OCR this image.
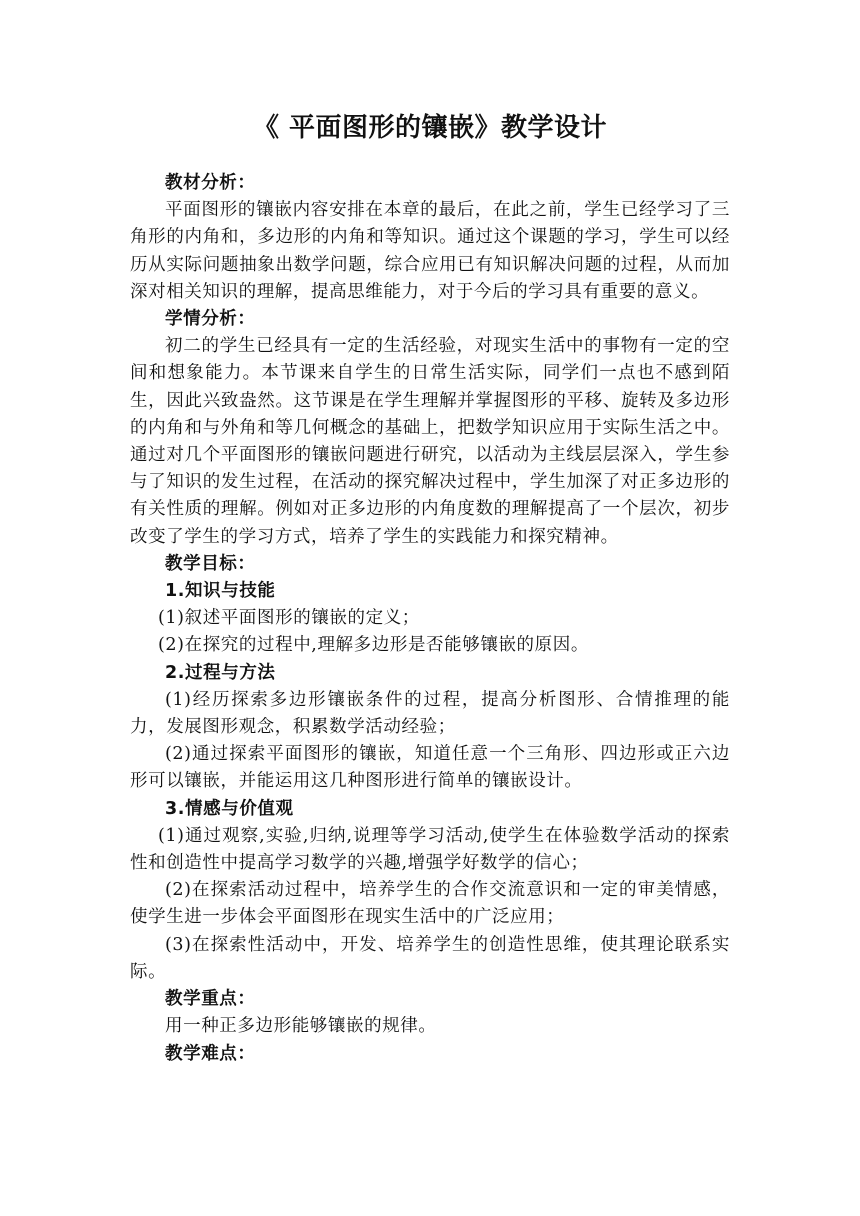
《 平面图形的镶嵌》教学设计

教材分析：

平面图形的镶嵌内容安排在本章的最后，在此之前，学生已经学习了三角形的内角和，多边形的内角和等知识。通过这个课题的学习，学生可以经历从实际问题抽象出数学问题，综合应用已有知识解决问题的过程，从而加深对相关知识的理解，提高思维能力，对于今后的学习具有重要的意义。

学情分析：

初二的学生已经具有一定的生活经验，对现实生活中的事物有一定的空间和想象能力。本节课来自学生的日常生活实际，同学们一点也不感到陌生，因此兴致盎然。这节课是在学生理解并掌握图形的平移、旋转及多边形的内角和与外角和等几何概念的基础上，把数学知识应用于实际生活之中。通过对几个平面图形的镶嵌问题进行研究，以活动为主线层层深入，学生参与了知识的发生过程，在活动的探究解决过程中，学生加深了对正多边形的有关性质的理解。例如对正多边形的内角度数的理解提高了一个层次，初步改变了学生的学习方式，培养了学生的实践能力和探究精神。

教学目标：

1.知识与技能

(1)叙述平面图形的镶嵌的定义；

(2)在探究的过程中,理解多边形是否能够镶嵌的原因。

2.过程与方法

(1)经历探索多边形镶嵌条件的过程，提高分析图形、合情推理的能力，发展图形观念，积累数学活动经验；

(2)通过探索平面图形的镶嵌，知道任意一个三角形、四边形或正六边形可以镶嵌，并能运用这几种图形进行简单的镶嵌设计。

3.情感与价值观

(1)通过观察,实验,归纳,说理等学习活动,使学生在体验数学活动的探索性和创造性中提高学习数学的兴趣,增强学好数学的信心；

(2)在探索活动过程中，培养学生的合作交流意识和一定的审美情感，使学生进一步体会平面图形在现实生活中的广泛应用；

(3)在探索性活动中，开发、培养学生的创造性思维，使其理论联系实际。

教学重点：

用一种正多边形能够镶嵌的规律。

教学难点：
